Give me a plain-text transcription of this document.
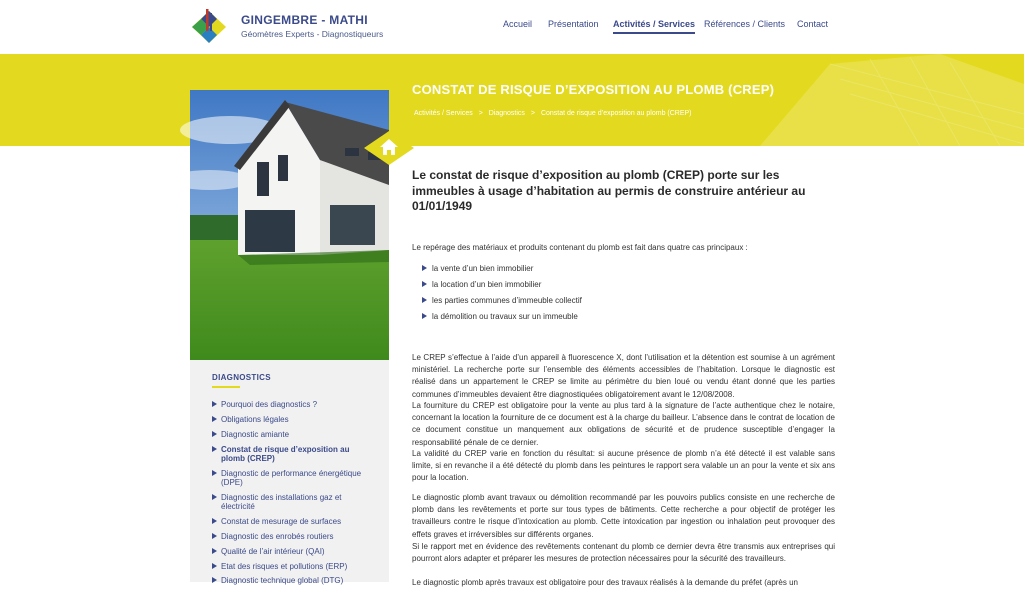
GINGEMBRE - MATHI
Géomètres Experts - Diagnostiqueurs
Accueil Présentation Activités / Services Références / Clients Contact
CONSTAT DE RISQUE D’EXPOSITION AU PLOMB (CREP)
Activités / Services > Diagnostics > Constat de risque d’exposition au plomb (CREP)
DIAGNOSTICS
Pourquoi des diagnostics ?
Obligations légales
Diagnostic amiante
Constat de risque d’exposition au plomb (CREP)
Diagnostic de performance énergétique (DPE)
Diagnostic des installations gaz et électricité
Constat de mesurage de surfaces
Diagnostic des enrobés routiers
Qualité de l’air intérieur (QAI)
Etat des risques et pollutions (ERP)
Diagnostic technique global (DTG)
Le constat de risque d’exposition au plomb (CREP) porte sur les immeubles à usage d’habitation au permis de construire antérieur au 01/01/1949
Le repérage des matériaux et produits contenant du plomb est fait dans quatre cas principaux :
la vente d’un bien immobilier
la location d’un bien immobilier
les parties communes d’immeuble collectif
la démolition ou travaux sur un immeuble
Le CREP s’effectue à l’aide d’un appareil à fluorescence X, dont l’utilisation et la détention est soumise à un agrément ministériel. La recherche porte sur l’ensemble des éléments accessibles de l’habitation. Lorsque le diagnostic est réalisé dans un appartement le CREP se limite au périmètre du bien loué ou vendu étant donné que les parties communes d’immeubles devaient être diagnostiquées obligatoirement avant le 12/08/2008.
La fourniture du CREP est obligatoire pour la vente au plus tard à la signature de l’acte authentique chez le notaire, concernant la location la fourniture de ce document est à la charge du bailleur. L’absence dans le contrat de location de ce document constitue un manquement aux obligations de sécurité et de prudence susceptible d’engager la responsabilité pénale de ce dernier.
La validité du CREP varie en fonction du résultat: si aucune présence de plomb n’a été détecté il est valable sans limite, si en revanche il a été détecté du plomb dans les peintures le rapport sera valable un an pour la vente et six ans pour la location.
Le diagnostic plomb avant travaux ou démolition recommandé par les pouvoirs publics consiste en une recherche de plomb dans les revêtements et porte sur tous types de bâtiments. Cette recherche a pour objectif de protéger les travailleurs contre le risque d’intoxication au plomb. Cette intoxication par ingestion ou inhalation peut provoquer des effets graves et irréversibles sur différents organes.
Si le rapport met en évidence des revêtements contenant du plomb ce dernier devra être transmis aux entreprises qui pourront alors adapter et préparer les mesures de protection nécessaires pour la sécurité des travailleurs.
Le diagnostic plomb après travaux est obligatoire pour des travaux réalisés à la demande du préfet (après un
